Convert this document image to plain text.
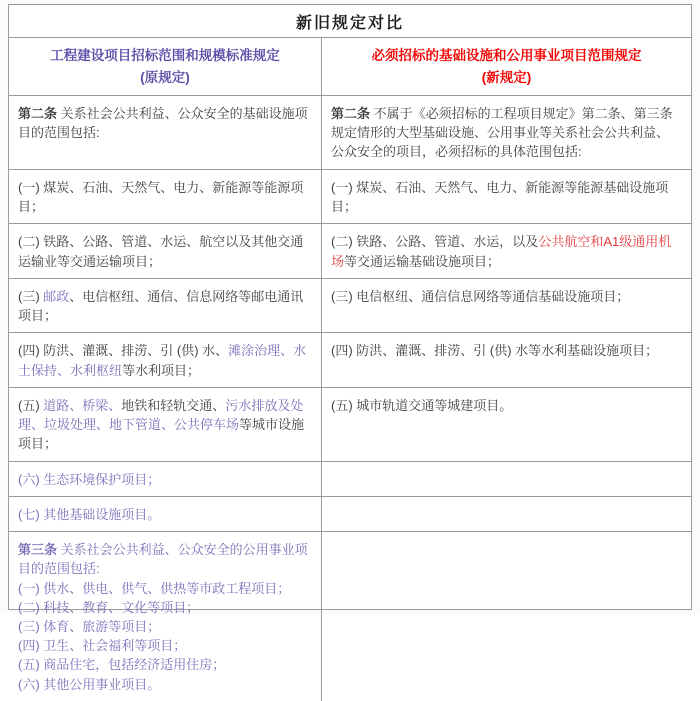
新旧规定对比
工程建设项目招标范围和规模标准规定
(原规定)
必须招标的基础设施和公用事业项目范围规定
(新规定)
第二条 关系社会公共利益、公众安全的基础设施项目的范围包括:
第二条 不属于《必须招标的工程项目规定》第二条、第三条规定情形的大型基础设施、公用事业等关系社会公共利益、公众安全的项目，必须招标的具体范围包括:
(一) 煤炭、石油、天然气、电力、新能源等能源项目；
(一) 煤炭、石油、天然气、电力、新能源等能源基础设施项目；
(二) 铁路、公路、管道、水运、航空以及其他交通运输业等交通运输项目；
(二) 铁路、公路、管道、水运，以及公共航空和A1级通用机场等交通运输基础设施项目；
(三) 邮政、电信枢纽、通信、信息网络等邮电通讯项目；
(三) 电信枢纽、通信信息网络等通信基础设施项目；
(四) 防洪、灌溉、排涝、引 (供) 水、滩涂治理、水土保持、水利枢纽等水利项目；
(四) 防洪、灌溉、排涝、引 (供) 水等水利基础设施项目；
(五) 道路、桥梁、地铁和轻轨交通、污水排放及处理、垃圾处理、地下管道、公共停车场等城市设施项目；
(五) 城市轨道交通等城建项目。
(六) 生态环境保护项目；
(七) 其他基础设施项目。
第三条 关系社会公共利益、公众安全的公用事业项目的范围包括:
(一) 供水、供电、供气、供热等市政工程项目；
(二) 科技、教育、文化等项目；
(三) 体育、旅游等项目；
(四) 卫生、社会福利等项目；
(五) 商品住宅，包括经济适用住房；
(六) 其他公用事业项目。
